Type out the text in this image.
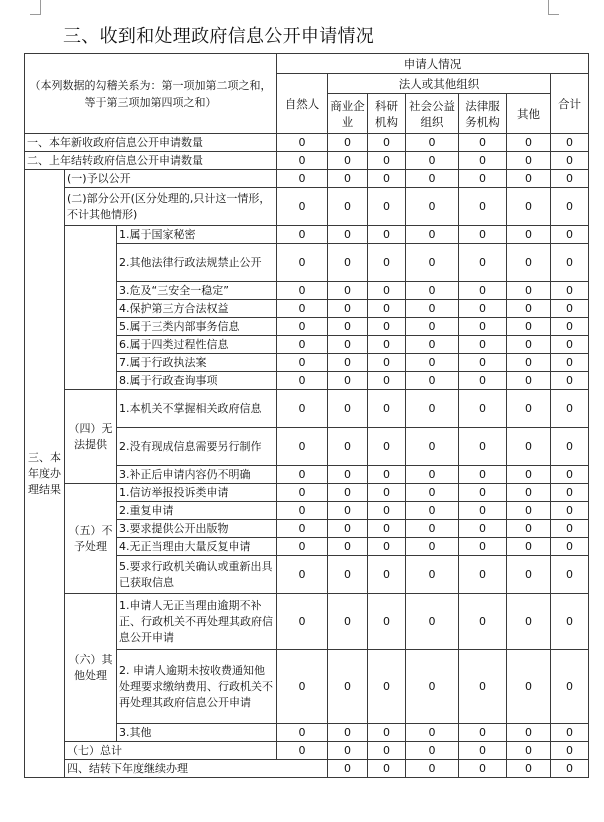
三、收到和处理政府信息公开申请情况
（本列数据的勾稽关系为：第一项加第二项之和，等于第三项加第四项之和）			申请人情况							
			自然人	法人或其他组织					合计	
				商业企业	科研机构	社会公益组织	法律服务机构	其他		
一、本年新收政府信息公开申请数量			0	0	0	0	0	0	0	
二、上年结转政府信息公开申请数量			0	0	0	0	0	0	0	
三、本年度办理结果	(一)予以公开		0	0	0	0	0	0	0	
	(二)部分公开(区分处理的,只计这一情形，不计其他情形)		0	0	0	0	0	0	0	
		1.属于国家秘密	0	0	0	0	0	0	0	
		2.其他法律行政法规禁止公开	0	0	0	0	0	0	0	
		3.危及“三安全一稳定”	0	0	0	0	0	0	0	
		4.保护第三方合法权益	0	0	0	0	0	0	0	
		5.属于三类内部事务信息	0	0	0	0	0	0	0	
		6.属于四类过程性信息	0	0	0	0	0	0	0	
		7.属于行政执法案	0	0	0	0	0	0	0	
		8.属于行政查询事项	0	0	0	0	0	0	0	
	（四）无法提供	1.本机关不掌握相关政府信息	0	0	0	0	0	0	0	
		2.没有现成信息需要另行制作	0	0	0	0	0	0	0	
		3.补正后申请内容仍不明确	0	0	0	0	0	0	0	
	（五）不予处理	1.信访举报投诉类申请	0	0	0	0	0	0	0	
		2.重复申请	0	0	0	0	0	0	0	
		3.要求提供公开出版物	0	0	0	0	0	0	0	
		4.无正当理由大量反复申请	0	0	0	0	0	0	0	
		5.要求行政机关确认或重新出具已获取信息	0	0	0	0	0	0	0	
	（六）其他处理	1.申请人无正当理由逾期不补正、行政机关不再处理其政府信息公开申请	0	0	0	0	0	0	0	
		2. 申请人逾期未按收费通知他处理要求缴纳费用、行政机关不再处理其政府信息公开申请	0	0	0	0	0	0	0	
		3.其他	0	0	0	0	0	0	0	
	（七）总计		0	0	0	0	0	0	0	
	四、结转下年度继续办理			0	0	0	0	0	0	
